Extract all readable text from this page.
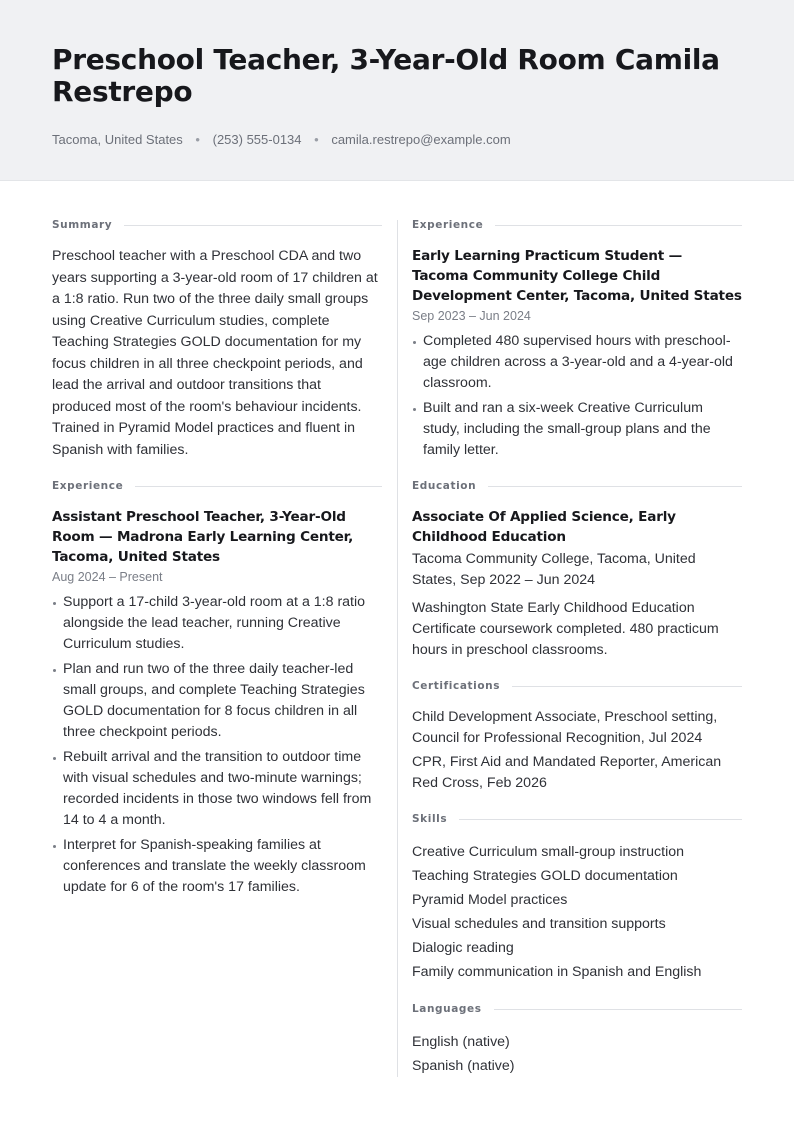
Preschool Teacher, 3-Year-Old Room Camila Restrepo
Tacoma, United States • (253) 555-0134 • camila.restrepo@example.com
Summary

Preschool teacher with a Preschool CDA and two years supporting a 3-year-old room of 17 children at a 1:8 ratio. Run two of the three daily small groups using Creative Curriculum studies, complete Teaching Strategies GOLD documentation for my focus children in all three checkpoint periods, and lead the arrival and outdoor transitions that produced most of the room's behaviour incidents. Trained in Pyramid Model practices and fluent in Spanish with families.

Experience
Assistant Preschool Teacher, 3-Year-Old Room — Madrona Early Learning Center, Tacoma, United States
Aug 2024 – Present
Support a 17-child 3-year-old room at a 1:8 ratio alongside the lead teacher, running Creative Curriculum studies.
Plan and run two of the three daily teacher-led small groups, and complete Teaching Strategies GOLD documentation for 8 focus children in all three checkpoint periods.
Rebuilt arrival and the transition to outdoor time with visual schedules and two-minute warnings; recorded incidents in those two windows fell from 14 to 4 a month.
Interpret for Spanish-speaking families at conferences and translate the weekly classroom update for 6 of the room's 17 families.
Experience
Early Learning Practicum Student — Tacoma Community College Child Development Center, Tacoma, United States
Sep 2023 – Jun 2024
Completed 480 supervised hours with preschool-age children across a 3-year-old and a 4-year-old classroom.
Built and ran a six-week Creative Curriculum study, including the small-group plans and the family letter.
Education
Associate Of Applied Science, Early Childhood Education
Tacoma Community College, Tacoma, United States, Sep 2022 – Jun 2024
Washington State Early Childhood Education Certificate coursework completed. 480 practicum hours in preschool classrooms.
Certifications
Child Development Associate, Preschool setting, Council for Professional Recognition, Jul 2024
CPR, First Aid and Mandated Reporter, American Red Cross, Feb 2026
Skills
Creative Curriculum small-group instruction
Teaching Strategies GOLD documentation
Pyramid Model practices
Visual schedules and transition supports
Dialogic reading
Family communication in Spanish and English
Languages
English (native)
Spanish (native)
